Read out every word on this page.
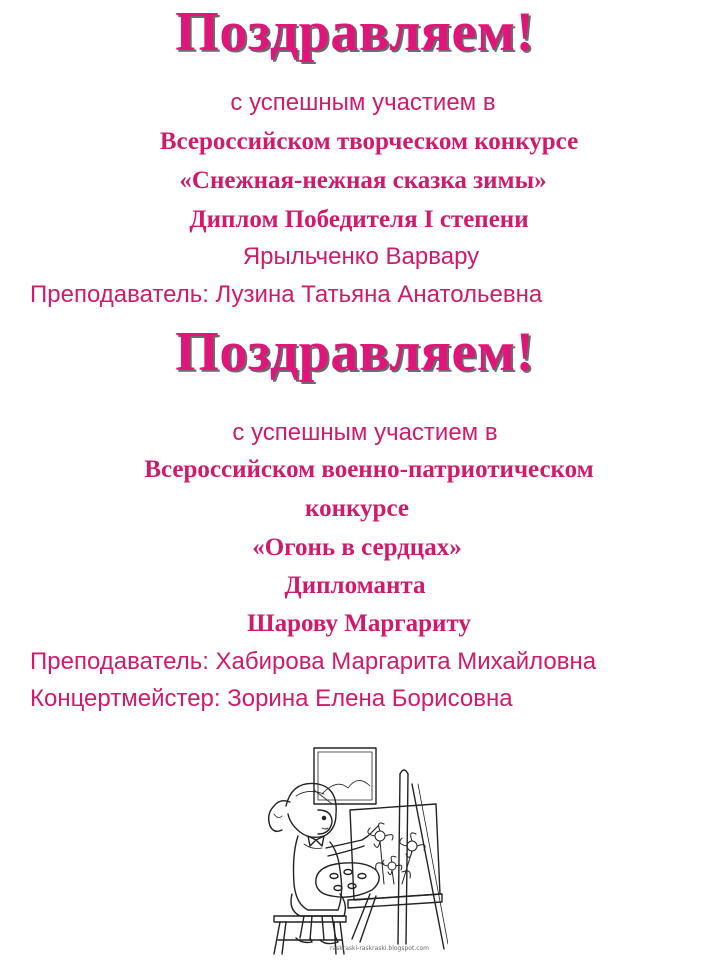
Поздравляем!
с успешным участием в
Всероссийском творческом конкурсе
«Снежная-нежная сказка зимы»
Диплом Победителя I степени
Ярыльченко Варвару
Преподаватель: Лузина Татьяна Анатольевна
Поздравляем!
с успешным участием в
Всероссийском военно-патриотическом
конкурсе
«Огонь в сердцах»
Дипломанта
Шарову Маргариту
Преподаватель: Хабирова Маргарита Михайловна
Концертмейстер: Зорина Елена Борисовна
raskraski-raskraski.blogspot.com
